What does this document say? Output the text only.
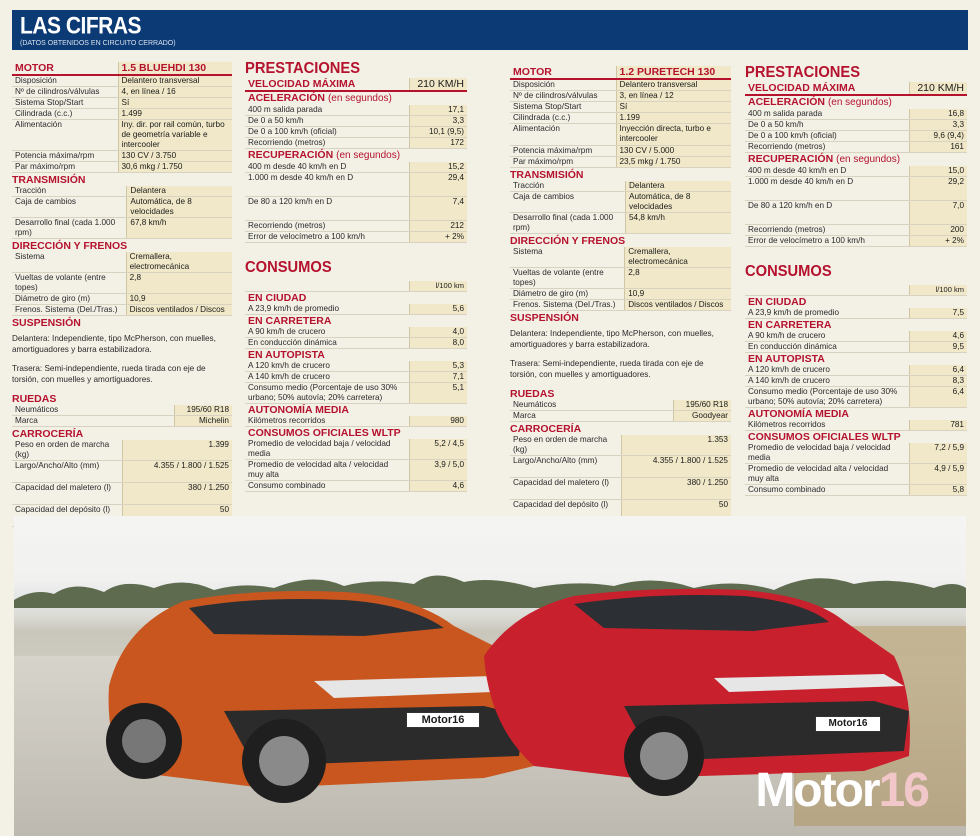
LAS CIFRAS
(DATOS OBTENIDOS EN CIRCUITO CERRADO)
MOTOR	1.5 BLUEHDI 130
Disposición	Delantero transversal
Nº de cilindros/válvulas	4, en línea / 16
Sistema Stop/Start	Sí
Cilindrada (c.c.)	1.499
Alimentación	Iny. dir. por rail común, turbo de geometría variable e intercooler
Potencia máxima/rpm	130 CV / 3.750
Par máximo/rpm	30,6 mkg / 1.750
TRANSMISIÓN
Tracción	Delantera
Caja de cambios	Automática, de 8 velocidades
Desarrollo final (cada 1.000 rpm)	67,8 km/h
DIRECCIÓN Y FRENOS
Sistema	Cremallera, electromecánica
Vueltas de volante (entre topes)	2,8
Diámetro de giro (m)	10,9
Frenos. Sistema (Del./Tras.)	Discos ventilados / Discos
SUSPENSIÓN
Delantera: Independiente, tipo McPherson, con muelles, amortiguadores y barra estabilizadora.
Trasera: Semi-independiente, rueda tirada con eje de torsión, con muelles y amortiguadores.
RUEDAS
Neumáticos	195/60 R18
Marca	Michelin
CARROCERÍA
Peso en orden de marcha (kg)	1.399
Largo/Ancho/Alto (mm)	4.355 / 1.800 / 1.525
Capacidad del maletero (l)	380 / 1.250
Capacidad del depósito (l)	50
PRESTACIONES
VELOCIDAD MÁXIMA	210 KM/H
ACELERACIÓN (en segundos)	
400 m salida parada	17,1
De 0 a 50 km/h	3,3
De 0 a 100 km/h (oficial)	10,1 (9,5)
Recorriendo (metros)	172
RECUPERACIÓN (en segundos)	
400 m desde 40 km/h en D	15,2
1.000 m desde 40 km/h en D	29,4
De 80 a 120 km/h en D	7,4
Recorriendo (metros)	212
Error de velocímetro a 100 km/h	+ 2%
CONSUMOS
	l/100 km
EN CIUDAD	
A 23,9 km/h de promedio	5,6
EN CARRETERA	
A 90 km/h de crucero	4,0
En conducción dinámica	8,0
EN AUTOPISTA	
A 120 km/h de crucero	5,3
A 140 km/h de crucero	7,1
Consumo medio (Porcentaje de uso 30% urbano; 50% autovía; 20% carretera)	5,1
AUTONOMÍA MEDIA	
Kilómetros recorridos	980
CONSUMOS OFICIALES WLTP	
Promedio de velocidad baja / velocidad media	5,2 / 4,5
Promedio de velocidad alta / velocidad muy alta	3,9 / 5,0
Consumo combinado	4,6
MOTOR	1.2 PURETECH 130
Disposición	Delantero transversal
Nº de cilindros/válvulas	3, en línea / 12
Sistema Stop/Start	Sí
Cilindrada (c.c.)	1.199
Alimentación	Inyección directa, turbo e intercooler
Potencia máxima/rpm	130 CV / 5.000
Par máximo/rpm	23,5 mkg / 1.750
TRANSMISIÓN
Tracción	Delantera
Caja de cambios	Automática, de 8 velocidades
Desarrollo final (cada 1.000 rpm)	54,8 km/h
DIRECCIÓN Y FRENOS
Sistema	Cremallera, electromecánica
Vueltas de volante (entre topes)	2,8
Diámetro de giro (m)	10,9
Frenos. Sistema (Del./Tras.)	Discos ventilados / Discos
SUSPENSIÓN
Delantera: Independiente, tipo McPherson, con muelles, amortiguadores y barra estabilizadora.
Trasera: Semi-independiente, rueda tirada con eje de torsión, con muelles y amortiguadores.
RUEDAS
Neumáticos	195/60 R18
Marca	Goodyear
CARROCERÍA
Peso en orden de marcha (kg)	1.353
Largo/Ancho/Alto (mm)	4.355 / 1.800 / 1.525
Capacidad del maletero (l)	380 / 1.250
Capacidad del depósito (l)	50
PRESTACIONES
VELOCIDAD MÁXIMA	210 KM/H
ACELERACIÓN (en segundos)	
400 m salida parada	16,8
De 0 a 50 km/h	3,3
De 0 a 100 km/h (oficial)	9,6 (9,4)
Recorriendo (metros)	161
RECUPERACIÓN (en segundos)	
400 m desde 40 km/h en D	15,0
1.000 m desde 40 km/h en D	29,2
De 80 a 120 km/h en D	7,0
Recorriendo (metros)	200
Error de velocímetro a 100 km/h	+ 2%
CONSUMOS
	l/100 km
EN CIUDAD	
A 23,9 km/h de promedio	7,5
EN CARRETERA	
A 90 km/h de crucero	4,6
En conducción dinámica	9,5
EN AUTOPISTA	
A 120 km/h de crucero	6,4
A 140 km/h de crucero	8,3
Consumo medio (Porcentaje de uso 30% urbano; 50% autovía; 20% carretera)	6,4
AUTONOMÍA MEDIA	
Kilómetros recorridos	781
CONSUMOS OFICIALES WLTP	
Promedio de velocidad baja / velocidad media	7,2 / 5,9
Promedio de velocidad alta / velocidad muy alta	4,9 / 5,9
Consumo combinado	5,8
Motor16	Motor16
Motor16
